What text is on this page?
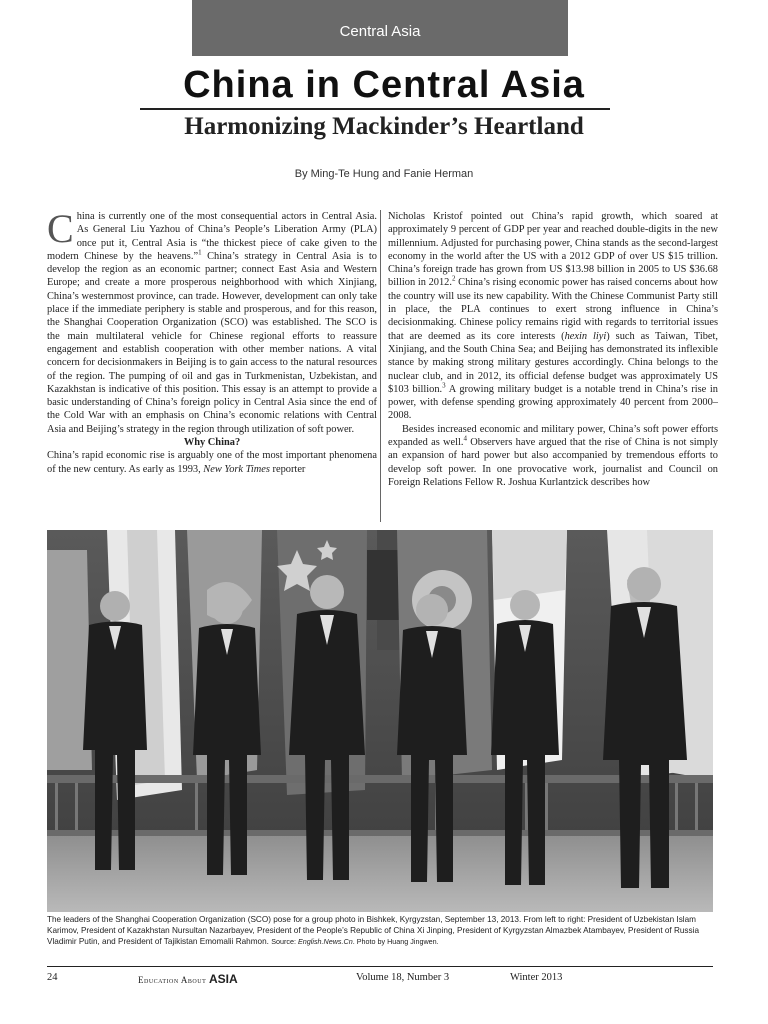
Central Asia
China in Central Asia
Harmonizing Mackinder’s Heartland
By Ming-Te Hung and Fanie Herman

China is currently one of the most consequential actors in Central Asia. As General Liu Yazhou of China’s People’s Liberation Army (PLA) once put it, Central Asia is “the thickest piece of cake given to the modern Chinese by the heavens.”$^1$ China’s strategy in Central Asia is to develop the region as an economic partner; connect East Asia and Western Europe; and create a more prosperous neighborhood with which Xinjiang, China’s westernmost province, can trade. However, development can only take place if the immediate periphery is stable and prosperous, and for this reason, the Shanghai Cooperation Organization (SCO) was established. The SCO is the main multilateral vehicle for Chinese regional efforts to reassure engagement and establish cooperation with other member nations. A vital concern for decisionmakers in Beijing is to gain access to the natural resources of the region. The pumping of oil and gas in Turkmenistan, Uzbekistan, and Kazakhstan is indicative of this position. This essay is an attempt to provide a basic understanding of China’s foreign policy in Central Asia since the end of the Cold War with an emphasis on China’s economic relations with Central Asia and Beijing’s strategy in the region through utilization of soft power.

Why China?

China’s rapid economic rise is arguably one of the most important phenomena of the new century. As early as 1993, New York Times reporter

Nicholas Kristof pointed out China’s rapid growth, which soared at approximately 9 percent of GDP per year and reached double-digits in the new millennium. Adjusted for purchasing power, China stands as the second-largest economy in the world after the US with a 2012 GDP of over US $15 trillion. China’s foreign trade has grown from US $13.98 billion in 2005 to US $36.68 billion in 2012.$^2$ China’s rising economic power has raised concerns about how the country will use its new capability. With the Chinese Communist Party still in place, the PLA continues to exert strong influence in China’s decisionmaking. Chinese policy remains rigid with regards to territorial issues that are deemed as its core interests (hexin liyi) such as Taiwan, Tibet, Xinjiang, and the South China Sea; and Beijing has demonstrated its inflexible stance by making strong military gestures accordingly. China belongs to the nuclear club, and in 2012, its official defense budget was approximately US $103 billion.$^3$ A growing military budget is a notable trend in China’s rise in power, with defense spending growing approximately 40 percent from 2000–2008.

Besides increased economic and military power, China’s soft power efforts expanded as well.$^4$ Observers have argued that the rise of China is not simply an expansion of hard power but also accompanied by tremendous efforts to develop soft power. In one provocative work, journalist and Council on Foreign Relations Fellow R. Joshua Kurlantzick describes how

The leaders of the Shanghai Cooperation Organization (SCO) pose for a group photo in Bishkek, Kyrgyzstan, September 13, 2013. From left to right: President of Uzbekistan Islam Karimov, President of Kazakhstan Nursultan Nazarbayev, President of the People’s Republic of China Xi Jinping, President of Kyrgyzstan Almazbek Atambayev, President of Russia Vladimir Putin, and President of Tajikistan Emomalii Rahmon. Source: English.News.Cn. Photo by Huang Jingwen.
24	Education About ASIA	Volume 18, Number 3	Winter 2013
